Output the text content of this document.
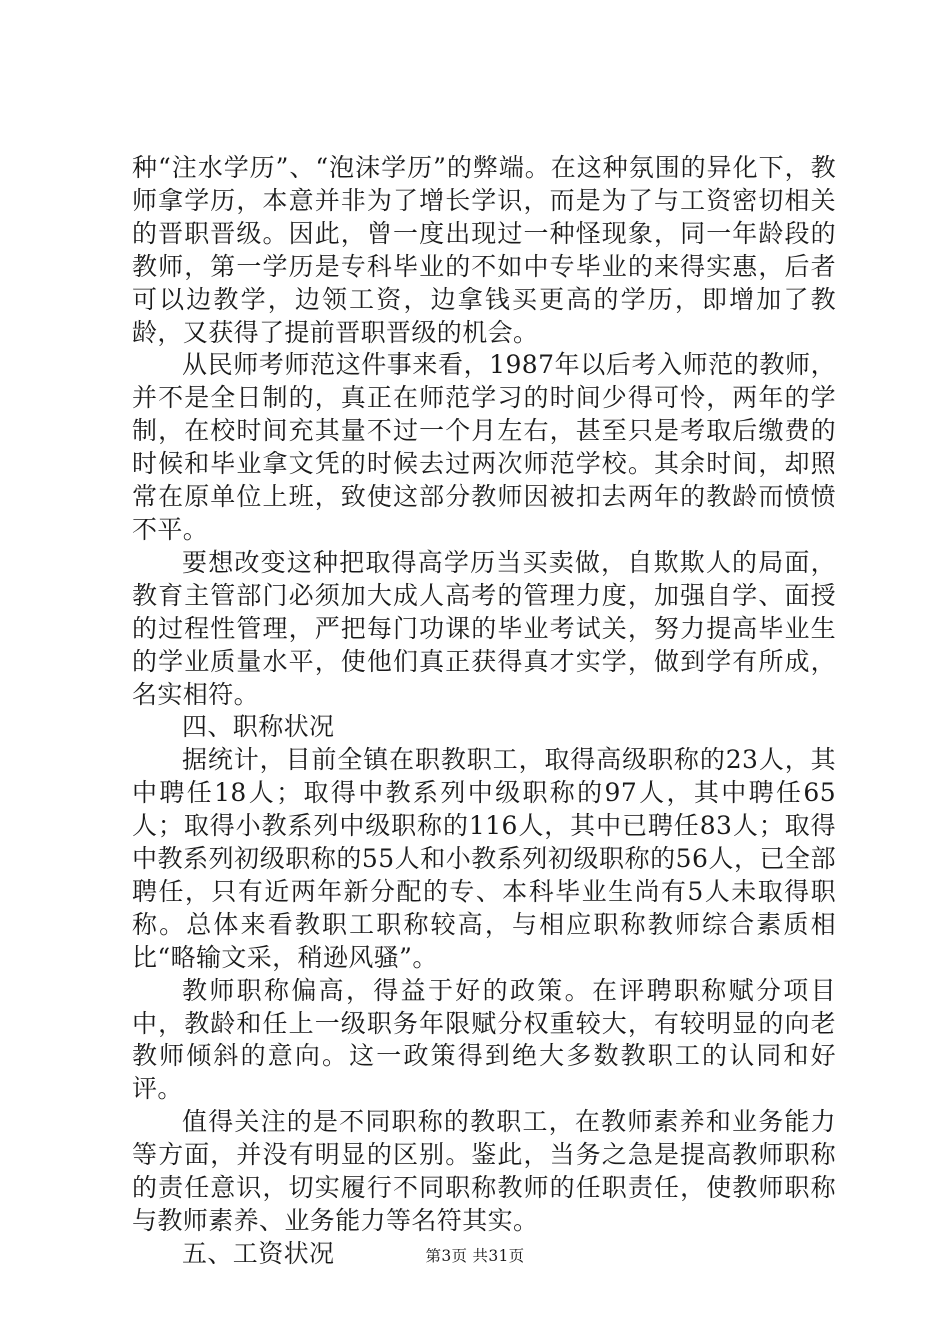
种“注水学历”、“泡沫学历”的弊端。在这种氛围的异化下，教师拿学历，本意并非为了增长学识，而是为了与工资密切相关的晋职晋级。因此，曾一度出现过一种怪现象，同一年龄段的教师，第一学历是专科毕业的不如中专毕业的来得实惠，后者可以边教学，边领工资，边拿钱买更高的学历，即增加了教龄，又获得了提前晋职晋级的机会。

从民师考师范这件事来看，1987年以后考入师范的教师，并不是全日制的，真正在师范学习的时间少得可怜，两年的学制，在校时间充其量不过一个月左右，甚至只是考取后缴费的时候和毕业拿文凭的时候去过两次师范学校。其余时间，却照常在原单位上班，致使这部分教师因被扣去两年的教龄而愤愤不平。

要想改变这种把取得高学历当买卖做，自欺欺人的局面，教育主管部门必须加大成人高考的管理力度，加强自学、面授的过程性管理，严把每门功课的毕业考试关，努力提高毕业生的学业质量水平，使他们真正获得真才实学，做到学有所成，名实相符。

四、职称状况

据统计，目前全镇在职教职工，取得高级职称的23人，其中聘任18人；取得中教系列中级职称的97人，其中聘任65人；取得小教系列中级职称的116人，其中已聘任83人；取得中教系列初级职称的55人和小教系列初级职称的56人，已全部聘任，只有近两年新分配的专、本科毕业生尚有5人未取得职称。总体来看教职工职称较高，与相应职称教师综合素质相比“略输文采，稍逊风骚”。

教师职称偏高，得益于好的政策。在评聘职称赋分项目中，教龄和任上一级职务年限赋分权重较大，有较明显的向老教师倾斜的意向。这一政策得到绝大多数教职工的认同和好评。

值得关注的是不同职称的教职工，在教师素养和业务能力等方面，并没有明显的区别。鉴此，当务之急是提高教师职称的责任意识，切实履行不同职称教师的任职责任，使教师职称与教师素养、业务能力等名符其实。

五、工资状况	第3页 共31页
